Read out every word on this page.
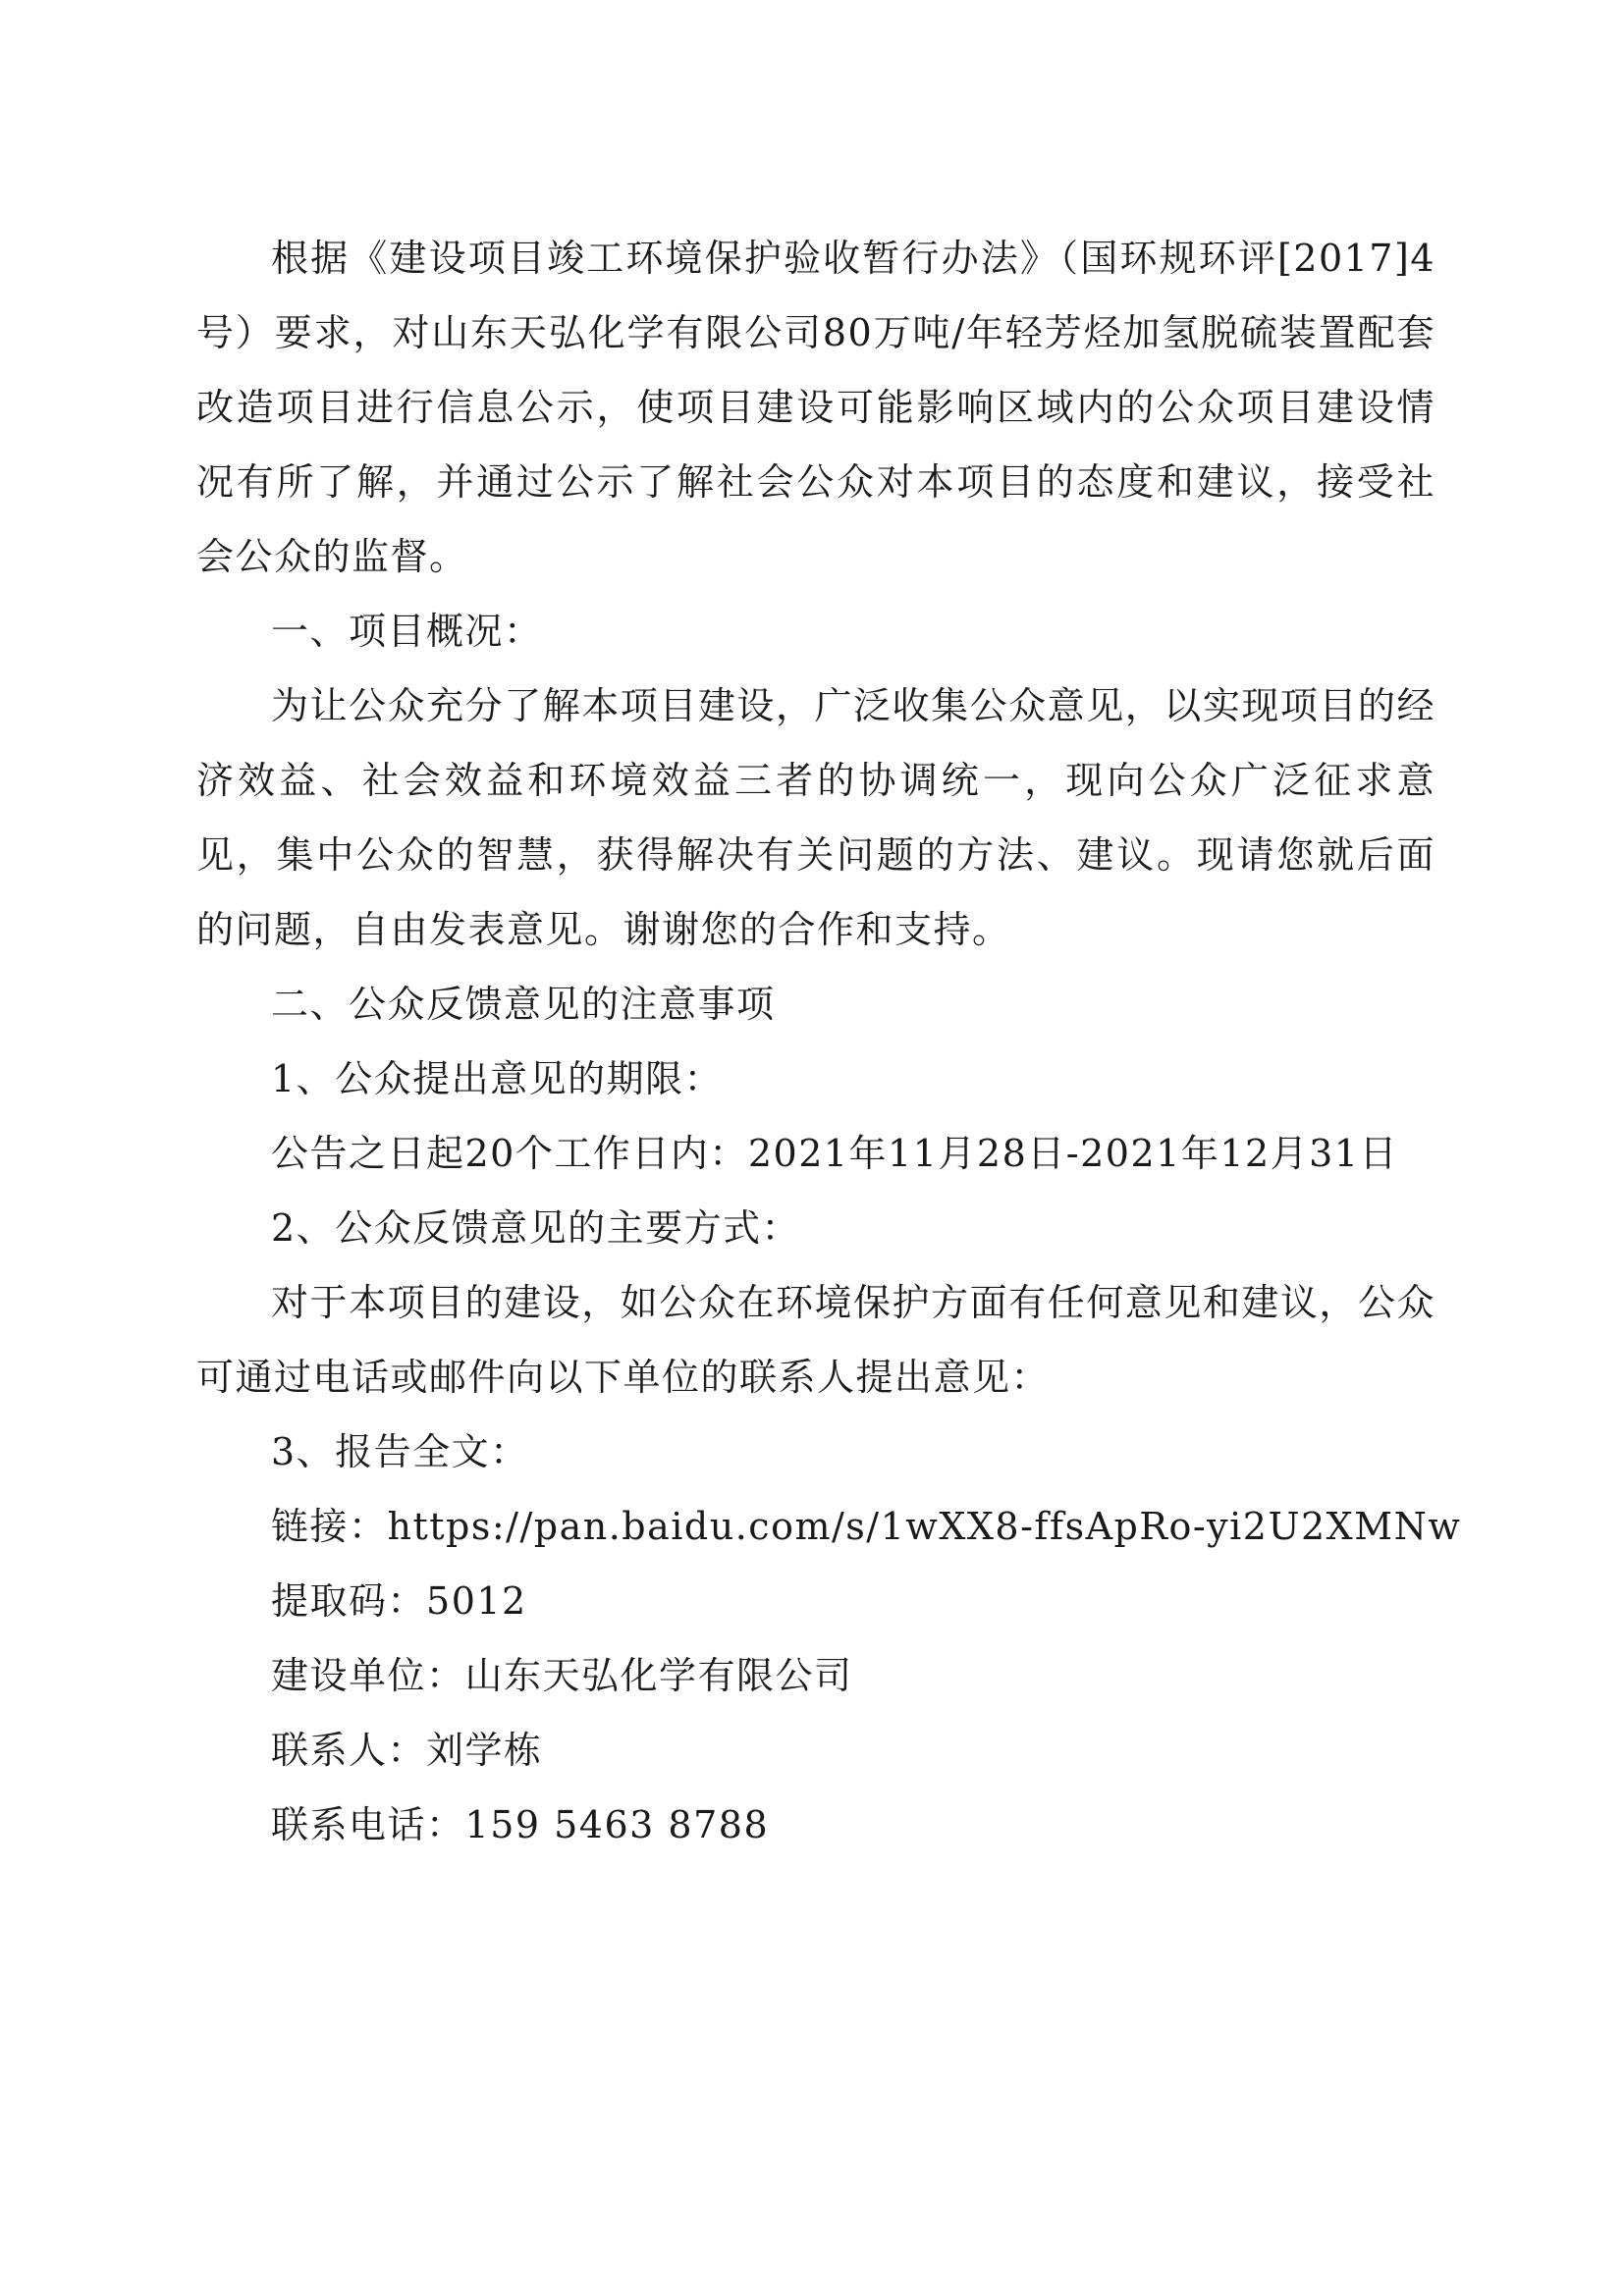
根据《建设项目竣工环境保护验收暂行办法》（国环规环评[2017]4号）要求，对山东天弘化学有限公司80万吨/年轻芳烃加氢脱硫装置配套改造项目进行信息公示，使项目建设可能影响区域内的公众项目建设情况有所了解，并通过公示了解社会公众对本项目的态度和建议，接受社会公众的监督。

一、项目概况：

为让公众充分了解本项目建设，广泛收集公众意见，以实现项目的经济效益、社会效益和环境效益三者的协调统一，现向公众广泛征求意见，集中公众的智慧，获得解决有关问题的方法、建议。现请您就后面的问题，自由发表意见。谢谢您的合作和支持。

二、公众反馈意见的注意事项

1、公众提出意见的期限：

公告之日起20个工作日内：2021年11月28日-2021年12月31日

2、公众反馈意见的主要方式：

对于本项目的建设，如公众在环境保护方面有任何意见和建议，公众可通过电话或邮件向以下单位的联系人提出意见：

3、报告全文：

链接：https://pan.baidu.com/s/1wXX8-ffsApRo-yi2U2XMNw

提取码：5012

建设单位：山东天弘化学有限公司

联系人：刘学栋

联系电话：159 5463 8788
